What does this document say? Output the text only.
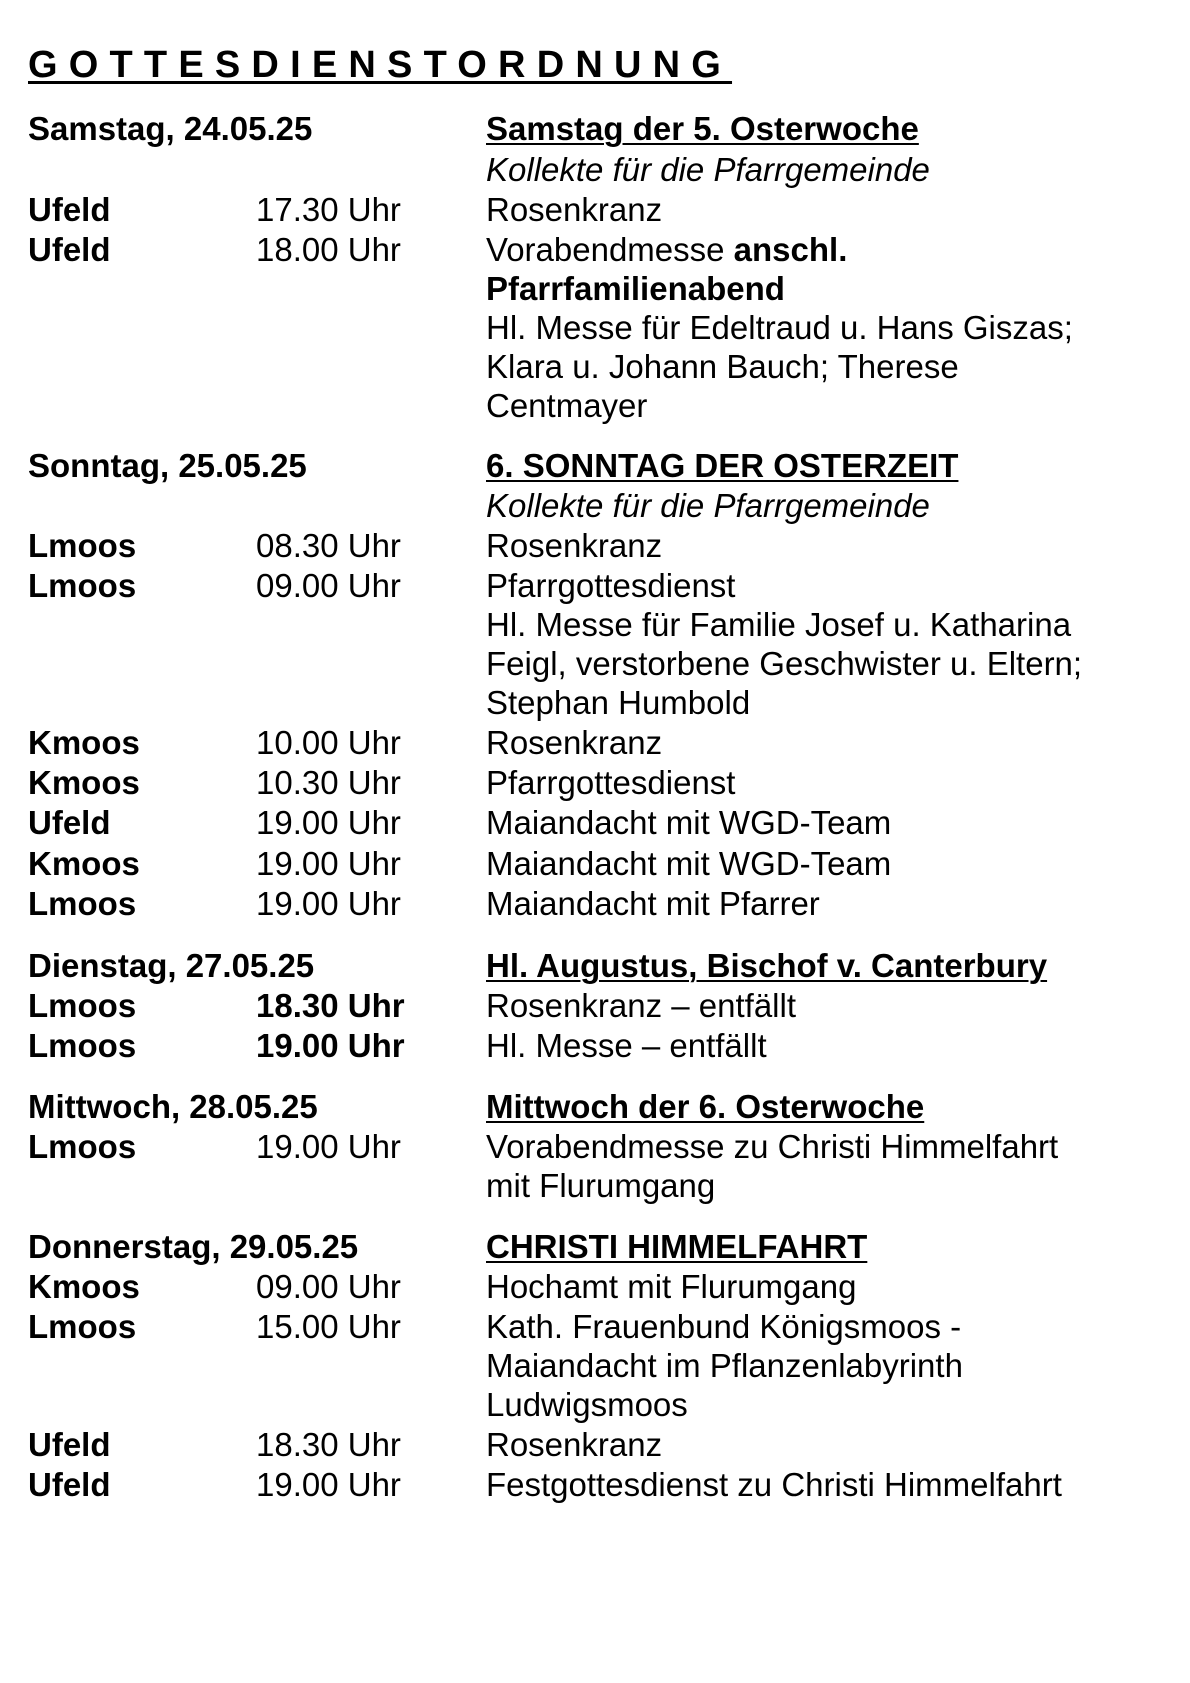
GOTTESDIENSTORDNUNG
Samstag, 24.05.25	Samstag der 5. Osterwoche
Kollekte für die Pfarrgemeinde
Ufeld	17.30 Uhr	Rosenkranz
Ufeld	18.00 Uhr	Vorabendmesse anschl.
Pfarrfamilienabend
Hl. Messe für Edeltraud u. Hans Giszas;
Klara u. Johann Bauch; Therese
Centmayer
Sonntag, 25.05.25	6. SONNTAG DER OSTERZEIT
Kollekte für die Pfarrgemeinde
Lmoos	08.30 Uhr	Rosenkranz
Lmoos	09.00 Uhr	Pfarrgottesdienst
Hl. Messe für Familie Josef u. Katharina
Feigl, verstorbene Geschwister u. Eltern;
Stephan Humbold
Kmoos	10.00 Uhr	Rosenkranz
Kmoos	10.30 Uhr	Pfarrgottesdienst
Ufeld	19.00 Uhr	Maiandacht mit WGD-Team
Kmoos	19.00 Uhr	Maiandacht mit WGD-Team
Lmoos	19.00 Uhr	Maiandacht mit Pfarrer
Dienstag, 27.05.25	Hl. Augustus, Bischof v. Canterbury
Lmoos	18.30 Uhr Rosenkranz – entfällt
Lmoos	19.00 Uhr Hl. Messe – entfällt
Mittwoch, 28.05.25	Mittwoch der 6. Osterwoche
Lmoos	19.00 Uhr	Vorabendmesse zu Christi Himmelfahrt
mit Flurumgang
Donnerstag, 29.05.25	CHRISTI HIMMELFAHRT
Kmoos	09.00 Uhr	Hochamt mit Flurumgang
Lmoos	15.00 Uhr	Kath. Frauenbund Königsmoos -
Maiandacht im Pflanzenlabyrinth
Ludwigsmoos
Ufeld	18.30 Uhr	Rosenkranz
Ufeld	19.00 Uhr	Festgottesdienst zu Christi Himmelfahrt
